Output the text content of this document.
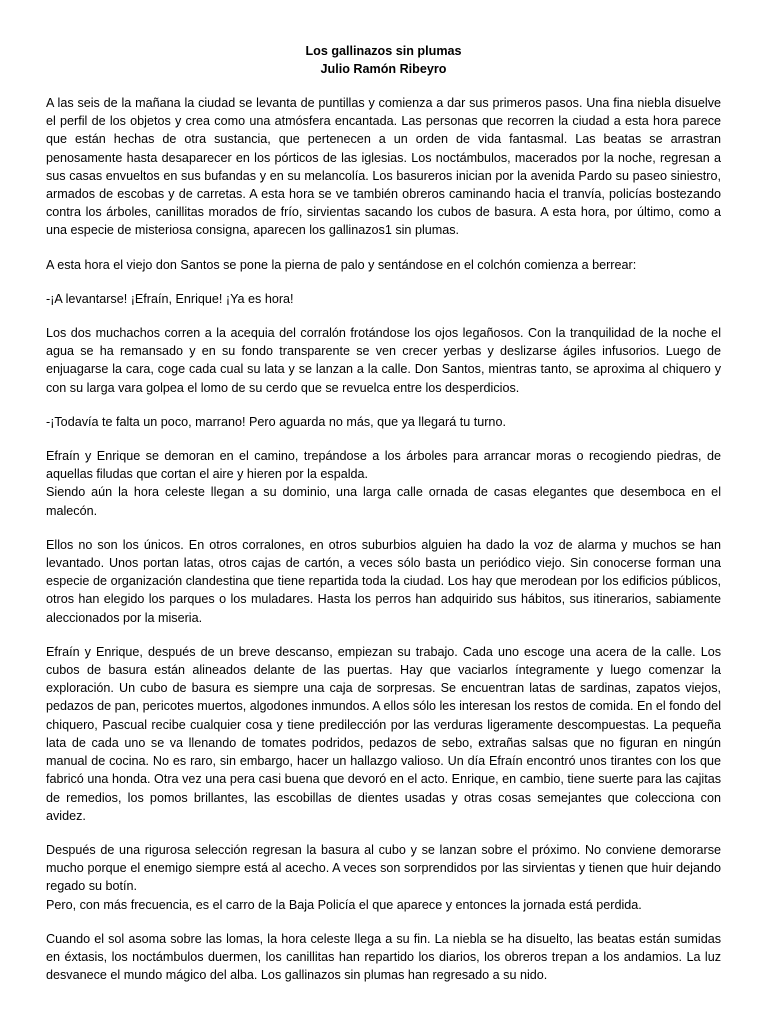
Los gallinazos sin plumas
Julio Ramón Ribeyro

A las seis de la mañana la ciudad se levanta de puntillas y comienza a dar sus primeros pasos. Una fina niebla disuelve el perfil de los objetos y crea como una atmósfera encantada. Las personas que recorren la ciudad a esta hora parece que están hechas de otra sustancia, que pertenecen a un orden de vida fantasmal. Las beatas se arrastran penosamente hasta desaparecer en los pórticos de las iglesias. Los noctámbulos, macerados por la noche, regresan a sus casas envueltos en sus bufandas y en su melancolía. Los basureros inician por la avenida Pardo su paseo siniestro, armados de escobas y de carretas. A esta hora se ve también obreros caminando hacia el tranvía, policías bostezando contra los árboles, canillitas morados de frío, sirvientas sacando los cubos de basura. A esta hora, por último, como a una especie de misteriosa consigna, aparecen los gallinazos1 sin plumas.

A esta hora el viejo don Santos se pone la pierna de palo y sentándose en el colchón comienza a berrear:

-¡A levantarse! ¡Efraín, Enrique! ¡Ya es hora!

Los dos muchachos corren a la acequia del corralón frotándose los ojos legañosos. Con la tranquilidad de la noche el agua se ha remansado y en su fondo transparente se ven crecer yerbas y deslizarse ágiles infusorios. Luego de enjuagarse la cara, coge cada cual su lata y se lanzan a la calle. Don Santos, mientras tanto, se aproxima al chiquero y con su larga vara golpea el lomo de su cerdo que se revuelca entre los desperdicios.

-¡Todavía te falta un poco, marrano! Pero aguarda no más, que ya llegará tu turno.

Efraín y Enrique se demoran en el camino, trepándose a los árboles para arrancar moras o recogiendo piedras, de aquellas filudas que cortan el aire y hieren por la espalda.

Siendo aún la hora celeste llegan a su dominio, una larga calle ornada de casas elegantes que desemboca en el malecón.

Ellos no son los únicos. En otros corralones, en otros suburbios alguien ha dado la voz de alarma y muchos se han levantado. Unos portan latas, otros cajas de cartón, a veces sólo basta un periódico viejo. Sin conocerse forman una especie de organización clandestina que tiene repartida toda la ciudad. Los hay que merodean por los edificios públicos, otros han elegido los parques o los muladares. Hasta los perros han adquirido sus hábitos, sus itinerarios, sabiamente aleccionados por la miseria.

Efraín y Enrique, después de un breve descanso, empiezan su trabajo. Cada uno escoge una acera de la calle. Los cubos de basura están alineados delante de las puertas. Hay que vaciarlos íntegramente y luego comenzar la exploración. Un cubo de basura es siempre una caja de sorpresas. Se encuentran latas de sardinas, zapatos viejos, pedazos de pan, pericotes muertos, algodones inmundos. A ellos sólo les interesan los restos de comida. En el fondo del chiquero, Pascual recibe cualquier cosa y tiene predilección por las verduras ligeramente descompuestas. La pequeña lata de cada uno se va llenando de tomates podridos, pedazos de sebo, extrañas salsas que no figuran en ningún manual de cocina. No es raro, sin embargo, hacer un hallazgo valioso. Un día Efraín encontró unos tirantes con los que fabricó una honda. Otra vez una pera casi buena que devoró en el acto. Enrique, en cambio, tiene suerte para las cajitas de remedios, los pomos brillantes, las escobillas de dientes usadas y otras cosas semejantes que colecciona con avidez.

Después de una rigurosa selección regresan la basura al cubo y se lanzan sobre el próximo. No conviene demorarse mucho porque el enemigo siempre está al acecho. A veces son sorprendidos por las sirvientas y tienen que huir dejando regado su botín.

Pero, con más frecuencia, es el carro de la Baja Policía el que aparece y entonces la jornada está perdida.

Cuando el sol asoma sobre las lomas, la hora celeste llega a su fin. La niebla se ha disuelto, las beatas están sumidas en éxtasis, los noctámbulos duermen, los canillitas han repartido los diarios, los obreros trepan a los andamios. La luz desvanece el mundo mágico del alba. Los gallinazos sin plumas han regresado a su nido.
